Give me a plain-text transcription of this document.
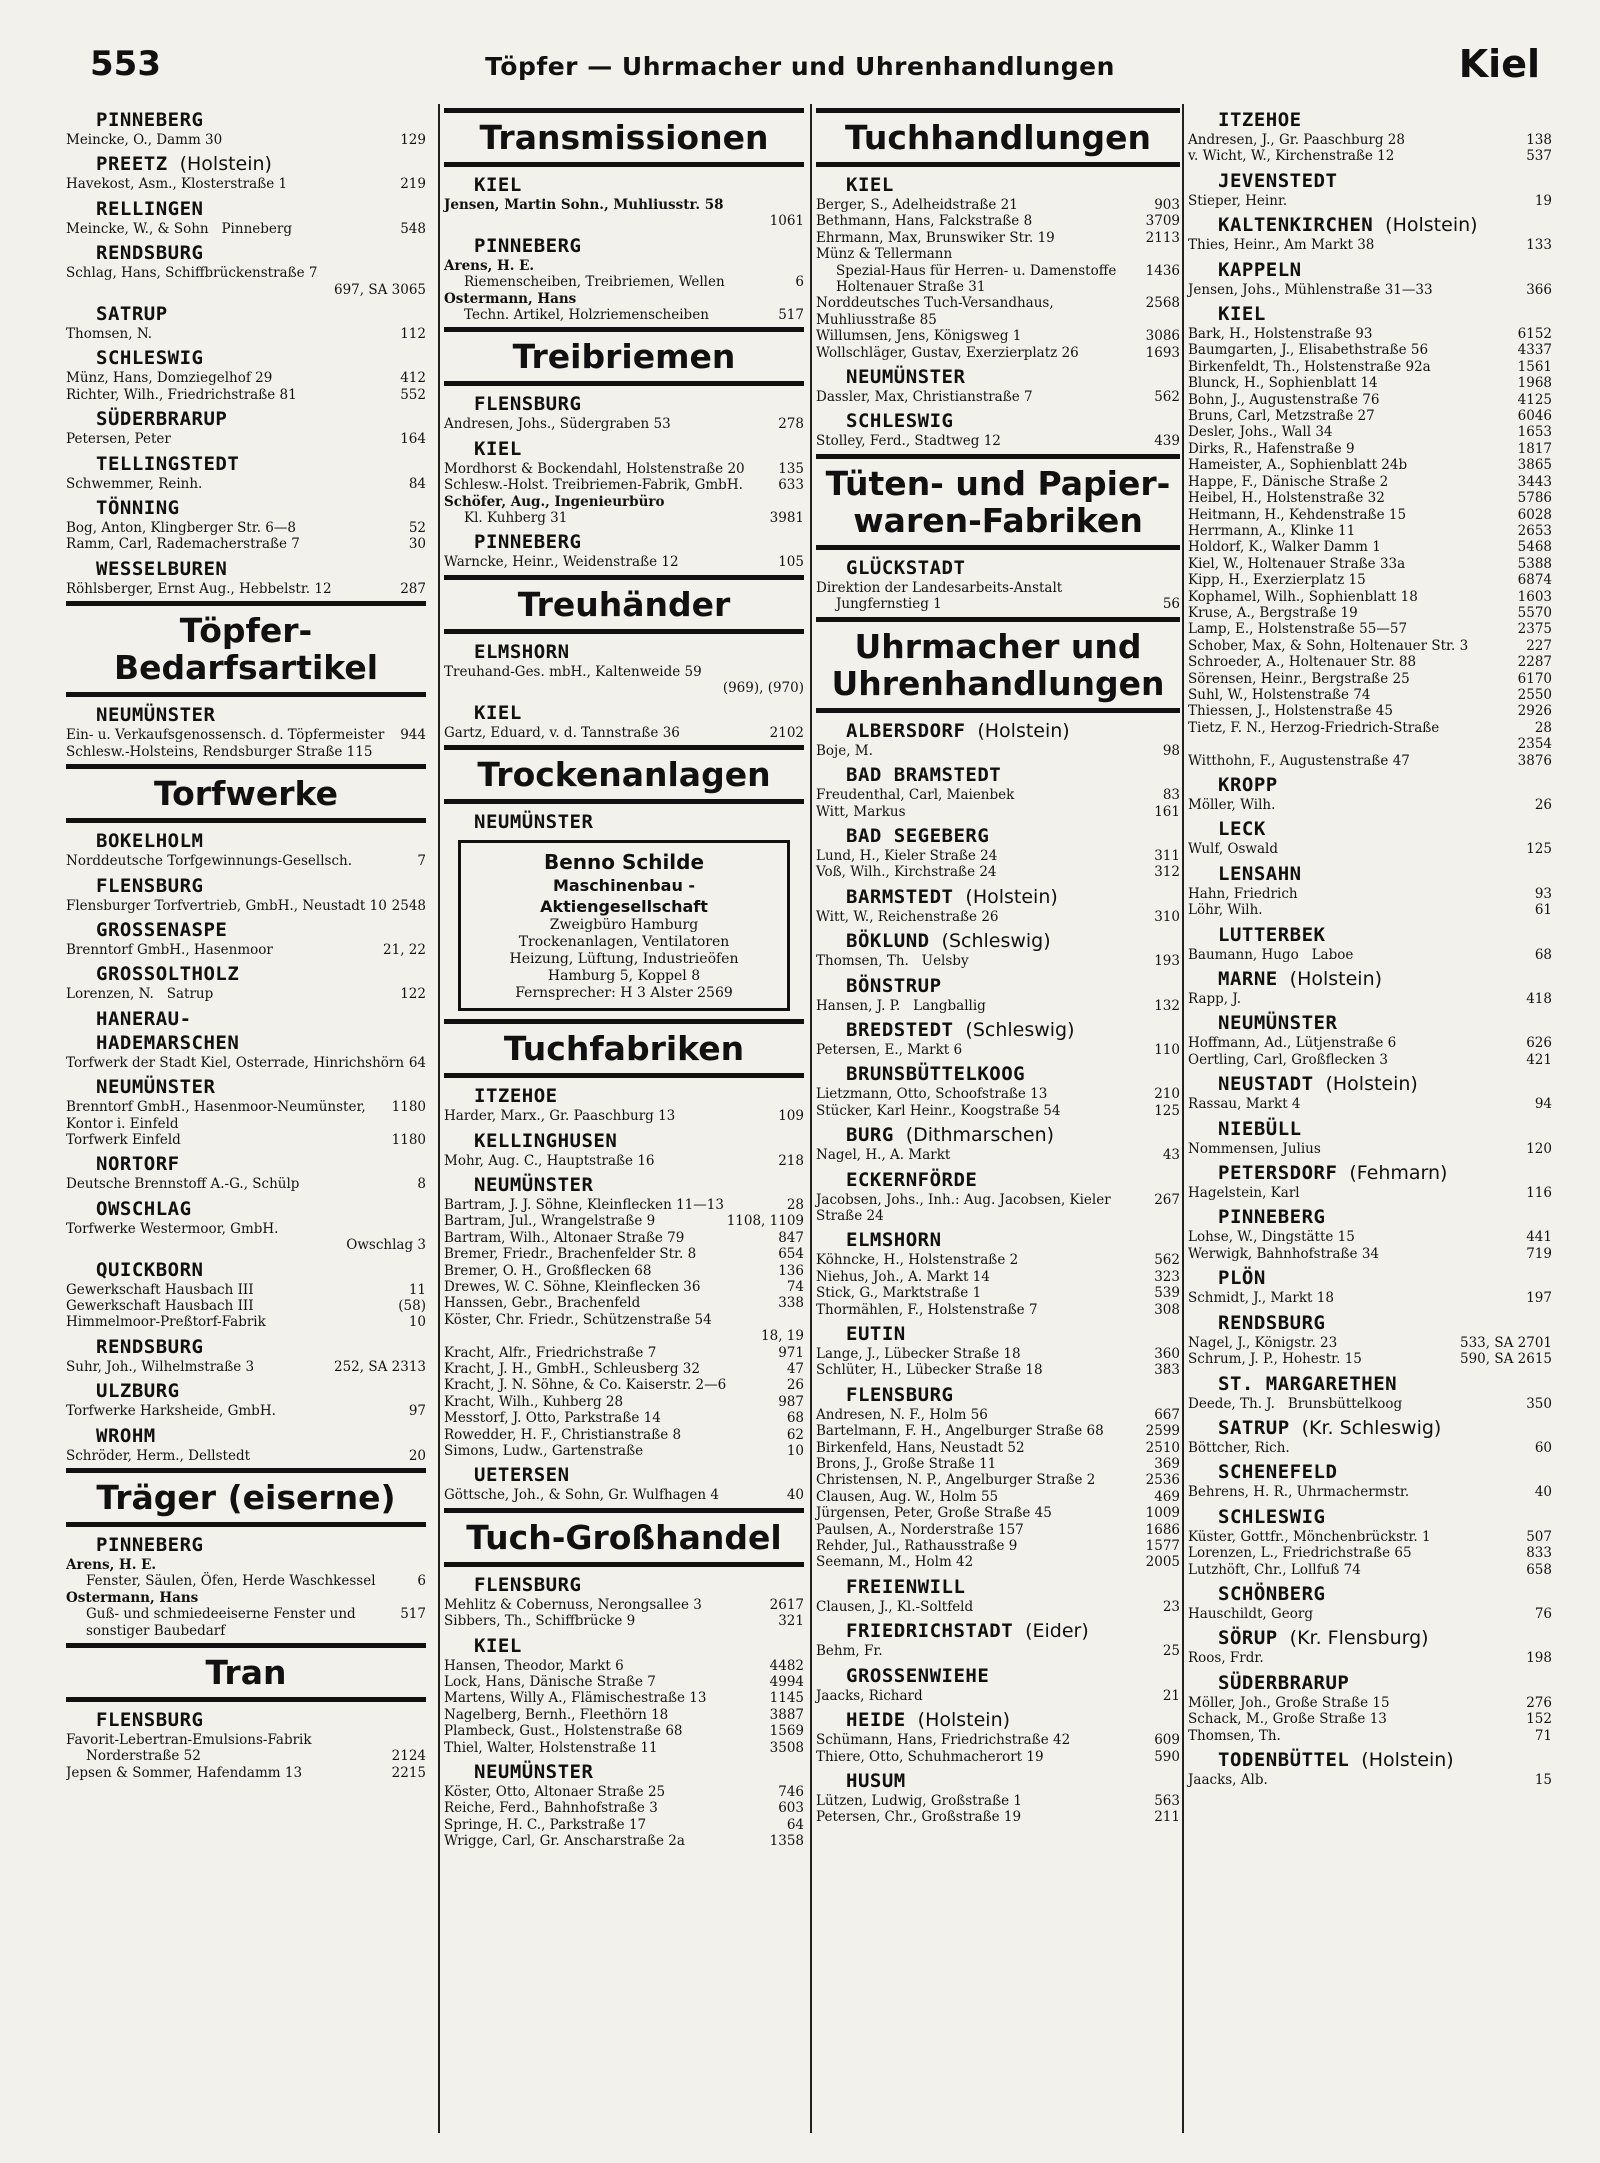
553	Töpfer — Uhrmacher und Uhrenhandlungen	Kiel
PINNEBERG
Meincke, O., Damm 30	129
PREETZ (Holstein)
Havekost, Asm., Klosterstraße 1	219
RELLINGEN
Meincke, W., & Sohn   Pinneberg	548
RENDSBURG
Schlag, Hans, Schiffbrückenstraße 7
697, SA 3065
SATRUP
Thomsen, N.	112
SCHLESWIG
Münz, Hans, Domziegelhof 29	412
Richter, Wilh., Friedrichstraße 81	552
SÜDERBRARUP
Petersen, Peter	164
TELLINGSTEDT
Schwemmer, Reinh.	84
TÖNNING
Bog, Anton, Klingberger Str. 6—8	52
Ramm, Carl, Rademacherstraße 7	30
WESSELBUREN
Röhlsberger, Ernst Aug., Hebbelstr. 12	287
Töpfer-
Bedarfsartikel
NEUMÜNSTER
Ein- u. Verkaufsgenossensch. d. Töpfermeister Schlesw.-Holsteins, Rendsburger Straße 115
944
Torfwerke
BOKELHOLM
Norddeutsche Torfgewinnungs-Gesellsch.	7
FLENSBURG
Flensburger Torfvertrieb, GmbH., Neustadt 10 2548
GROSSENASPE
Brenntorf GmbH., Hasenmoor	21, 22
GROSSOLTHOLZ
Lorenzen, N.   Satrup	122
HANERAU-
HADEMARSCHEN
Torfwerk der Stadt Kiel, Osterrade, Hinrichshörn 64
NEUMÜNSTER
Brenntorf GmbH., Hasenmoor-Neumünster, Kontor i. Einfeld
1180
Torfwerk Einfeld	1180
NORTORF
Deutsche Brennstoff A.-G., Schülp	8
OWSCHLAG
Torfwerke Westermoor, GmbH.
Owschlag 3
QUICKBORN
Gewerkschaft Hausbach III	11
Gewerkschaft Hausbach III	(58)
Himmelmoor-Preßtorf-Fabrik	10
RENDSBURG
Suhr, Joh., Wilhelmstraße 3	252, SA 2313
ULZBURG
Torfwerke Harksheide, GmbH.	97
WROHM
Schröder, Herm., Dellstedt	20
Träger (eiserne)
PINNEBERG
Arens, H. E.
Fenster, Säulen, Öfen, Herde Waschkessel	6
Ostermann, Hans
Guß- und schmiedeeiserne Fenster und sonstiger Baubedarf
517
Tran
FLENSBURG
Favorit-Lebertran-Emulsions-Fabrik
Norderstraße 52	2124
Jepsen & Sommer, Hafendamm 13	2215
Transmissionen
KIEL
Jensen, Martin Sohn., Muhliusstr. 58
1061
PINNEBERG
Arens, H. E.
Riemenscheiben, Treibriemen, Wellen	6
Ostermann, Hans
Techn. Artikel, Holzriemenscheiben	517
Treibriemen
FLENSBURG
Andresen, Johs., Südergraben 53	278
KIEL
Mordhorst & Bockendahl, Holstenstraße 20 135
Schlesw.-Holst. Treibriemen-Fabrik, GmbH.	633
Schöfer, Aug., Ingenieurbüro
Kl. Kuhberg 31	3981
PINNEBERG
Warncke, Heinr., Weidenstraße 12	105
Treuhänder
ELMSHORN
Treuhand-Ges. mbH., Kaltenweide 59
(969), (970)
KIEL
Gartz, Eduard, v. d. Tannstraße 36	2102
Trockenanlagen
NEUMÜNSTER
Benno Schilde
Maschinenbau - Aktiengesellschaft
Zweigbüro Hamburg
Trockenanlagen, Ventilatoren
Heizung, Lüftung, Industrieöfen
Hamburg 5, Koppel 8
Fernsprecher: H 3 Alster 2569
Tuchfabriken
ITZEHOE
Harder, Marx., Gr. Paaschburg 13	109
KELLINGHUSEN
Mohr, Aug. C., Hauptstraße 16	218
NEUMÜNSTER
Bartram, J. J. Söhne, Kleinflecken 11—13	28
Bartram, Jul., Wrangelstraße 9	1108, 1109
Bartram, Wilh., Altonaer Straße 79	847
Bremer, Friedr., Brachenfelder Str. 8	654
Bremer, O. H., Großflecken 68	136
Drewes, W. C. Söhne, Kleinflecken 36	74
Hanssen, Gebr., Brachenfeld	338
Köster, Chr. Friedr., Schützenstraße 54
18, 19
Kracht, Alfr., Friedrichstraße 7	971
Kracht, J. H., GmbH., Schleusberg 32	47
Kracht, J. N. Söhne, & Co. Kaiserstr. 2—6	26
Kracht, Wilh., Kuhberg 28	987
Messtorf, J. Otto, Parkstraße 14	68
Rowedder, H. F., Christianstraße 8	62
Simons, Ludw., Gartenstraße	10
UETERSEN
Göttsche, Joh., & Sohn, Gr. Wulfhagen 4	40
Tuch-Großhandel
FLENSBURG
Mehlitz & Cobernuss, Nerongsallee 3	2617
Sibbers, Th., Schiffbrücke 9	321
KIEL
Hansen, Theodor, Markt 6	4482
Lock, Hans, Dänische Straße 7	4994
Martens, Willy A., Flämischestraße 13	1145
Nagelberg, Bernh., Fleethörn 18	3887
Plambeck, Gust., Holstenstraße 68	1569
Thiel, Walter, Holstenstraße 11	3508
NEUMÜNSTER
Köster, Otto, Altonaer Straße 25	746
Reiche, Ferd., Bahnhofstraße 3	603
Springe, H. C., Parkstraße 17	64
Wrigge, Carl, Gr. Anscharstraße 2a	1358
Tuchhandlungen
KIEL
Berger, S., Adelheidstraße 21	903
Bethmann, Hans, Falckstraße 8	3709
Ehrmann, Max, Brunswiker Str. 19	2113
Münz & Tellermann
Spezial-Haus für Herren- u. Damenstoffe Holtenauer Straße 31
1436
Norddeutsches Tuch-Versandhaus, Muhliusstraße 85
2568
Willumsen, Jens, Königsweg 1	3086
Wollschläger, Gustav, Exerzierplatz 26	1693
NEUMÜNSTER
Dassler, Max, Christianstraße 7	562
SCHLESWIG
Stolley, Ferd., Stadtweg 12	439
Tüten- und Papier-
waren-Fabriken
GLÜCKSTADT
Direktion der Landesarbeits-Anstalt
Jungfernstieg 1	56
Uhrmacher und
Uhrenhandlungen
ALBERSDORF (Holstein)
Boje, M.	98
BAD BRAMSTEDT
Freudenthal, Carl, Maienbek	83
Witt, Markus	161
BAD SEGEBERG
Lund, H., Kieler Straße 24	311
Voß, Wilh., Kirchstraße 24	312
BARMSTEDT (Holstein)
Witt, W., Reichenstraße 26	310
BÖKLUND (Schleswig)
Thomsen, Th.   Uelsby	193
BÖNSTRUP
Hansen, J. P.   Langballig	132
BREDSTEDT (Schleswig)
Petersen, E., Markt 6	110
BRUNSBÜTTELKOOG
Lietzmann, Otto, Schoofstraße 13	210
Stücker, Karl Heinr., Koogstraße 54	125
BURG (Dithmarschen)
Nagel, H., A. Markt	43
ECKERNFÖRDE
Jacobsen, Johs., Inh.: Aug. Jacobsen, Kieler Straße 24
267
ELMSHORN
Köhncke, H., Holstenstraße 2	562
Niehus, Joh., A. Markt 14	323
Stick, G., Marktstraße 1	539
Thormählen, F., Holstenstraße 7	308
EUTIN
Lange, J., Lübecker Straße 18	360
Schlüter, H., Lübecker Straße 18	383
FLENSBURG
Andresen, N. F., Holm 56	667
Bartelmann, F. H., Angelburger Straße 68	2599
Birkenfeld, Hans, Neustadt 52	2510
Brons, J., Große Straße 11	369
Christensen, N. P., Angelburger Straße 2	2536
Clausen, Aug. W., Holm 55	469
Jürgensen, Peter, Große Straße 45	1009
Paulsen, A., Norderstraße 157	1686
Rehder, Jul., Rathausstraße 9	1577
Seemann, M., Holm 42	2005
FREIENWILL
Clausen, J., Kl.-Soltfeld	23
FRIEDRICHSTADT (Eider)
Behm, Fr.	25
GROSSENWIEHE
Jaacks, Richard	21
HEIDE (Holstein)
Schümann, Hans, Friedrichstraße 42	609
Thiere, Otto, Schuhmacherort 19	590
HUSUM
Lützen, Ludwig, Großstraße 1	563
Petersen, Chr., Großstraße 19	211
ITZEHOE
Andresen, J., Gr. Paaschburg 28	138
v. Wicht, W., Kirchenstraße 12	537
JEVENSTEDT
Stieper, Heinr.	19
KALTENKIRCHEN (Holstein)
Thies, Heinr., Am Markt 38	133
KAPPELN
Jensen, Johs., Mühlenstraße 31—33	366
KIEL
Bark, H., Holstenstraße 93	6152
Baumgarten, J., Elisabethstraße 56	4337
Birkenfeldt, Th., Holstenstraße 92a	1561
Blunck, H., Sophienblatt 14	1968
Bohn, J., Augustenstraße 76	4125
Bruns, Carl, Metzstraße 27	6046
Desler, Johs., Wall 34	1653
Dirks, R., Hafenstraße 9	1817
Hameister, A., Sophienblatt 24b	3865
Happe, F., Dänische Straße 2	3443
Heibel, H., Holstenstraße 32	5786
Heitmann, H., Kehdenstraße 15	6028
Herrmann, A., Klinke 11	2653
Holdorf, K., Walker Damm 1	5468
Kiel, W., Holtenauer Straße 33a	5388
Kipp, H., Exerzierplatz 15	6874
Kophamel, Wilh., Sophienblatt 18	1603
Kruse, A., Bergstraße 19	5570
Lamp, E., Holstenstraße 55—57	2375
Schober, Max, & Sohn, Holtenauer Str. 3	227
Schroeder, A., Holtenauer Str. 88	2287
Sörensen, Heinr., Bergstraße 25	6170
Suhl, W., Holstenstraße 74	2550
Thiessen, J., Holstenstraße 45	2926
Tietz, F. N., Herzog-Friedrich-Straße	28
2354
Witthohn, F., Augustenstraße 47	3876
KROPP
Möller, Wilh.	26
LECK
Wulf, Oswald	125
LENSAHN
Hahn, Friedrich	93
Löhr, Wilh.	61
LUTTERBEK
Baumann, Hugo   Laboe	68
MARNE (Holstein)
Rapp, J.	418
NEUMÜNSTER
Hoffmann, Ad., Lütjenstraße 6	626
Oertling, Carl, Großflecken 3	421
NEUSTADT (Holstein)
Rassau, Markt 4	94
NIEBÜLL
Nommensen, Julius	120
PETERSDORF (Fehmarn)
Hagelstein, Karl	116
PINNEBERG
Lohse, W., Dingstätte 15	441
Werwigk, Bahnhofstraße 34	719
PLÖN
Schmidt, J., Markt 18	197
RENDSBURG
Nagel, J., Königstr. 23	533, SA 2701
Schrum, J. P., Hohestr. 15	590, SA 2615
ST. MARGARETHEN
Deede, Th. J.   Brunsbüttelkoog	350
SATRUP (Kr. Schleswig)
Böttcher, Rich.	60
SCHENEFELD
Behrens, H. R., Uhrmachermstr.	40
SCHLESWIG
Küster, Gottfr., Mönchenbrückstr. 1	507
Lorenzen, L., Friedrichstraße 65	833
Lutzhöft, Chr., Lollfuß 74	658
SCHÖNBERG
Hauschildt, Georg	76
SÖRUP (Kr. Flensburg)
Roos, Frdr.	198
SÜDERBRARUP
Möller, Joh., Große Straße 15	276
Schack, M., Große Straße 13	152
Thomsen, Th.	71
TODENBÜTTEL (Holstein)
Jaacks, Alb.	15
